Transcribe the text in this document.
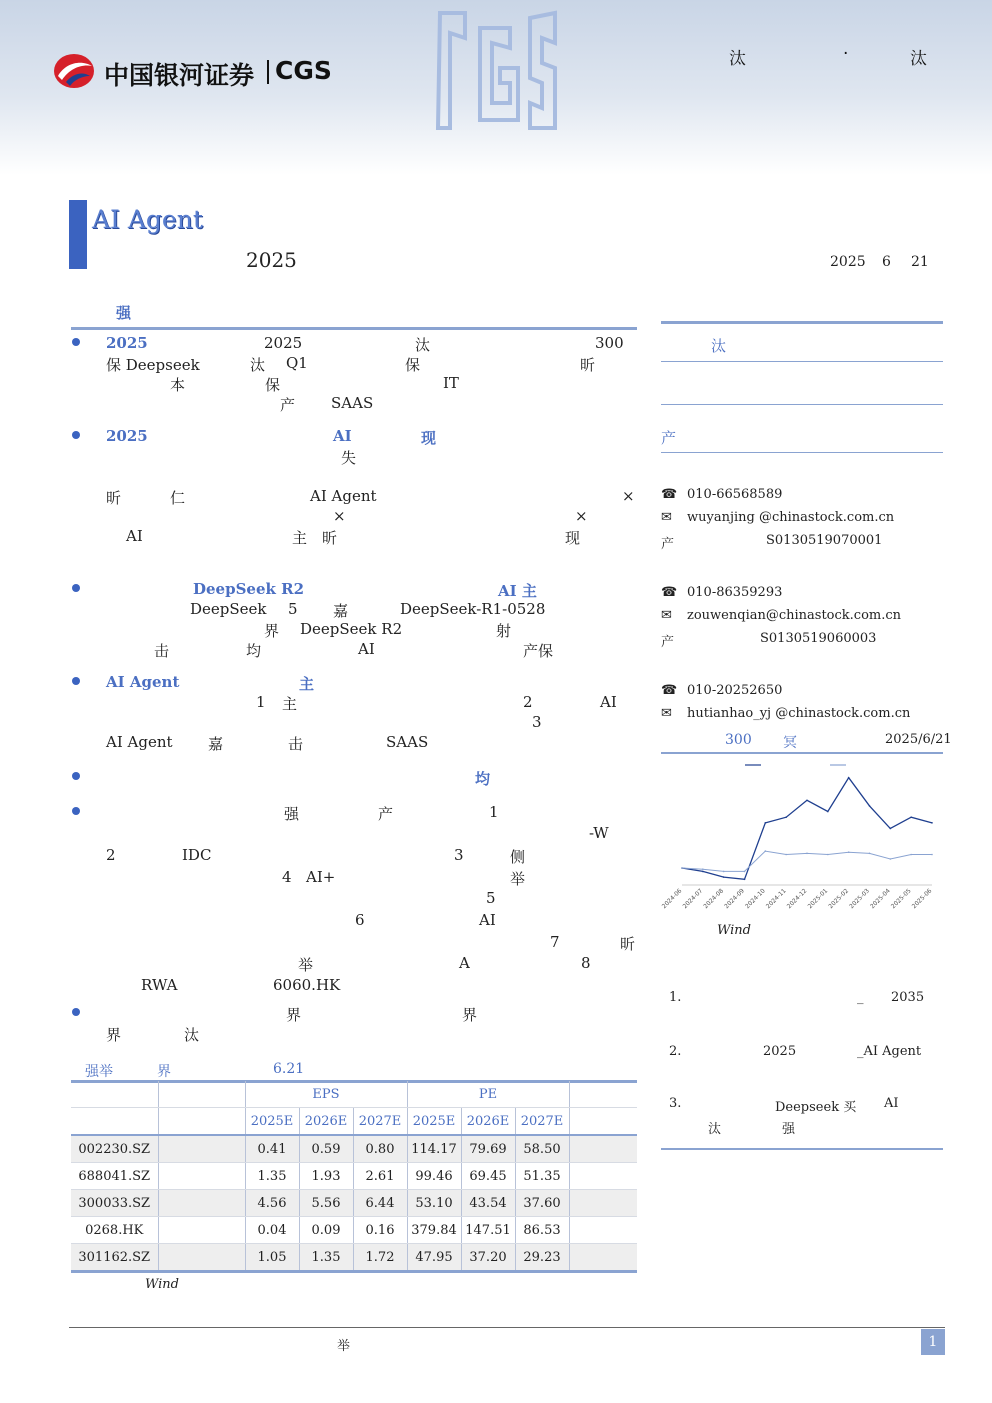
中国银河证券 CGS	汰	·	汰
AI Agent
2025	2025 6 21
强
2025	2025	汰	300
保 Deepseek	汰 Q1	保	昕
本	保	IT
产 SAAS
2025	AI	现
失
昕	仁	AI Agent	×
×	×
AI	主 昕	现
DeepSeek R2	AI 主
DeepSeek 5 嘉	DeepSeek-R1-0528
界 DeepSeek R2	射
击	均	AI	产保
AI Agent	主
1 主	2	AI
3
AI Agent 嘉	击	SAAS
均
强	产	1
-W
2	IDC	3	侧
4 AI+	举
5
6	AI
7	昕
举	A	8
RWA	6060.HK
界	界
界	汰
强举	界	6.21
		EPS			PE			
		2025E	2026E	2027E	2025E	2026E	2027E	
002230.SZ		0.41	0.59	0.80	114.17	79.69	58.50	
688041.SZ		1.35	1.93	2.61	99.46	69.45	51.35	
300033.SZ		4.56	5.56	6.44	53.10	43.54	37.60	
0268.HK		0.04	0.09	0.16	379.84	147.51	86.53	
301162.SZ		1.05	1.35	1.72	47.95	37.20	29.23	
Wind
汰
产
☎ 010-66568589
✉ wuyanjing @chinastock.com.cn
产	S0130519070001
☎ 010-86359293
✉ zouwenqian@chinastock.com.cn
产	S0130519060003
☎ 010-20252650
✉ hutianhao_yj @chinastock.com.cn
300 冥	2025/6/21
2024-06
2024-07
2024-08
2024-09
2024-10
2024-11
2024-12
2025-01
2025-02
2025-03
2025-04
2025-05
2025-06
Wind
1.	_ 2035
2.	2025	_AI Agent
3.	Deepseek 买 AI
汰	强
举	1
